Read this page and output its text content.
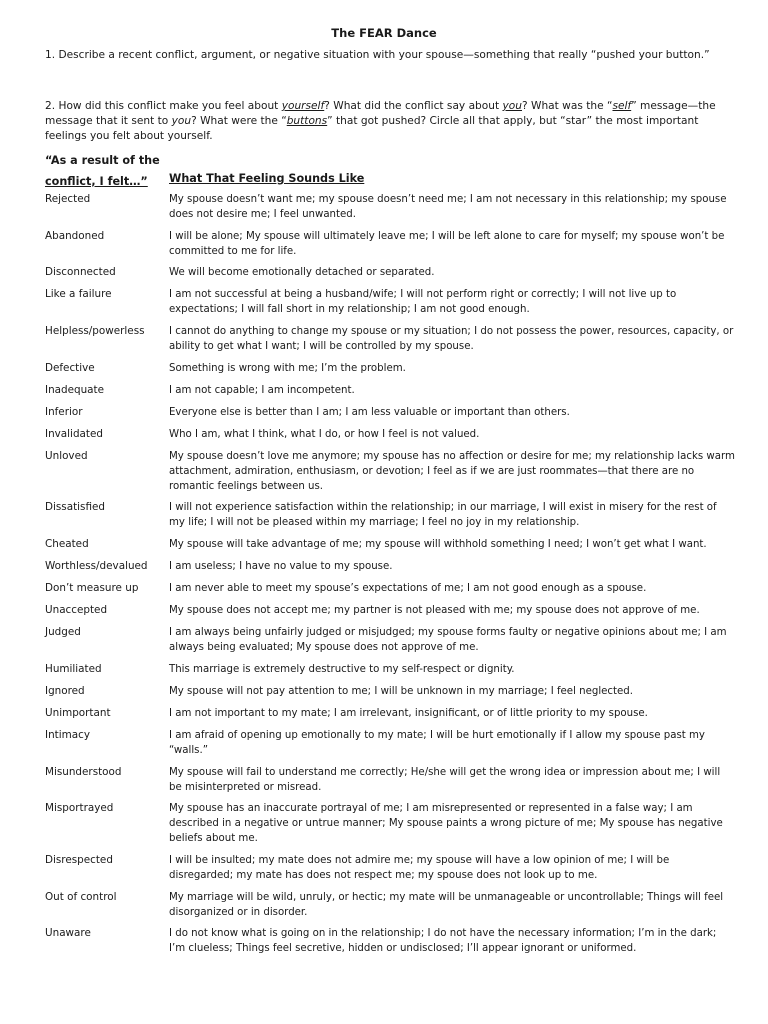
The FEAR Dance
1. Describe a recent conflict, argument, or negative situation with your spouse—something that really “pushed your button.”
2. How did this conflict make you feel about yourself? What did the conflict say about you? What was the “self” message—the message that it sent to you? What were the “buttons” that got pushed? Circle all that apply, but “star” the most important feelings you felt about yourself.
“As a result of the
conflict, I felt…”	What That Feeling Sounds Like
Rejected	My spouse doesn’t want me; my spouse doesn’t need me; I am not necessary in this relationship; my spouse does not desire me; I feel unwanted.
Abandoned	I will be alone; My spouse will ultimately leave me; I will be left alone to care for myself; my spouse won’t be committed to me for life.
Disconnected	We will become emotionally detached or separated.
Like a failure	I am not successful at being a husband/wife; I will not perform right or correctly; I will not live up to expectations; I will fall short in my relationship; I am not good enough.
Helpless/powerless	I cannot do anything to change my spouse or my situation; I do not possess the power, resources, capacity, or ability to get what I want; I will be controlled by my spouse.
Defective	Something is wrong with me; I’m the problem.
Inadequate	I am not capable; I am incompetent.
Inferior	Everyone else is better than I am; I am less valuable or important than others.
Invalidated	Who I am, what I think, what I do, or how I feel is not valued.
Unloved	My spouse doesn’t love me anymore; my spouse has no affection or desire for me; my relationship lacks warm attachment, admiration, enthusiasm, or devotion; I feel as if we are just roommates—that there are no romantic feelings between us.
Dissatisfied	I will not experience satisfaction within the relationship; in our marriage, I will exist in misery for the rest of my life; I will not be pleased within my marriage; I feel no joy in my relationship.
Cheated	My spouse will take advantage of me; my spouse will withhold something I need; I won’t get what I want.
Worthless/devalued	I am useless; I have no value to my spouse.
Don’t measure up	I am never able to meet my spouse’s expectations of me; I am not good enough as a spouse.
Unaccepted	My spouse does not accept me; my partner is not pleased with me; my spouse does not approve of me.
Judged	I am always being unfairly judged or misjudged; my spouse forms faulty or negative opinions about me; I am always being evaluated; My spouse does not approve of me.
Humiliated	This marriage is extremely destructive to my self-respect or dignity.
Ignored	My spouse will not pay attention to me; I will be unknown in my marriage; I feel neglected.
Unimportant	I am not important to my mate; I am irrelevant, insignificant, or of little priority to my spouse.
Intimacy	I am afraid of opening up emotionally to my mate; I will be hurt emotionally if I allow my spouse past my “walls.”
Misunderstood	My spouse will fail to understand me correctly; He/she will get the wrong idea or impression about me; I will be misinterpreted or misread.
Misportrayed	My spouse has an inaccurate portrayal of me; I am misrepresented or represented in a false way; I am described in a negative or untrue manner; My spouse paints a wrong picture of me; My spouse has negative beliefs about me.
Disrespected	I will be insulted; my mate does not admire me; my spouse will have a low opinion of me; I will be disregarded; my mate has does not respect me; my spouse does not look up to me.
Out of control	My marriage will be wild, unruly, or hectic; my mate will be unmanageable or uncontrollable; Things will feel disorganized or in disorder.
Unaware	I do not know what is going on in the relationship; I do not have the necessary information; I’m in the dark; I’m clueless; Things feel secretive, hidden or undisclosed; I’ll appear ignorant or uniformed.
